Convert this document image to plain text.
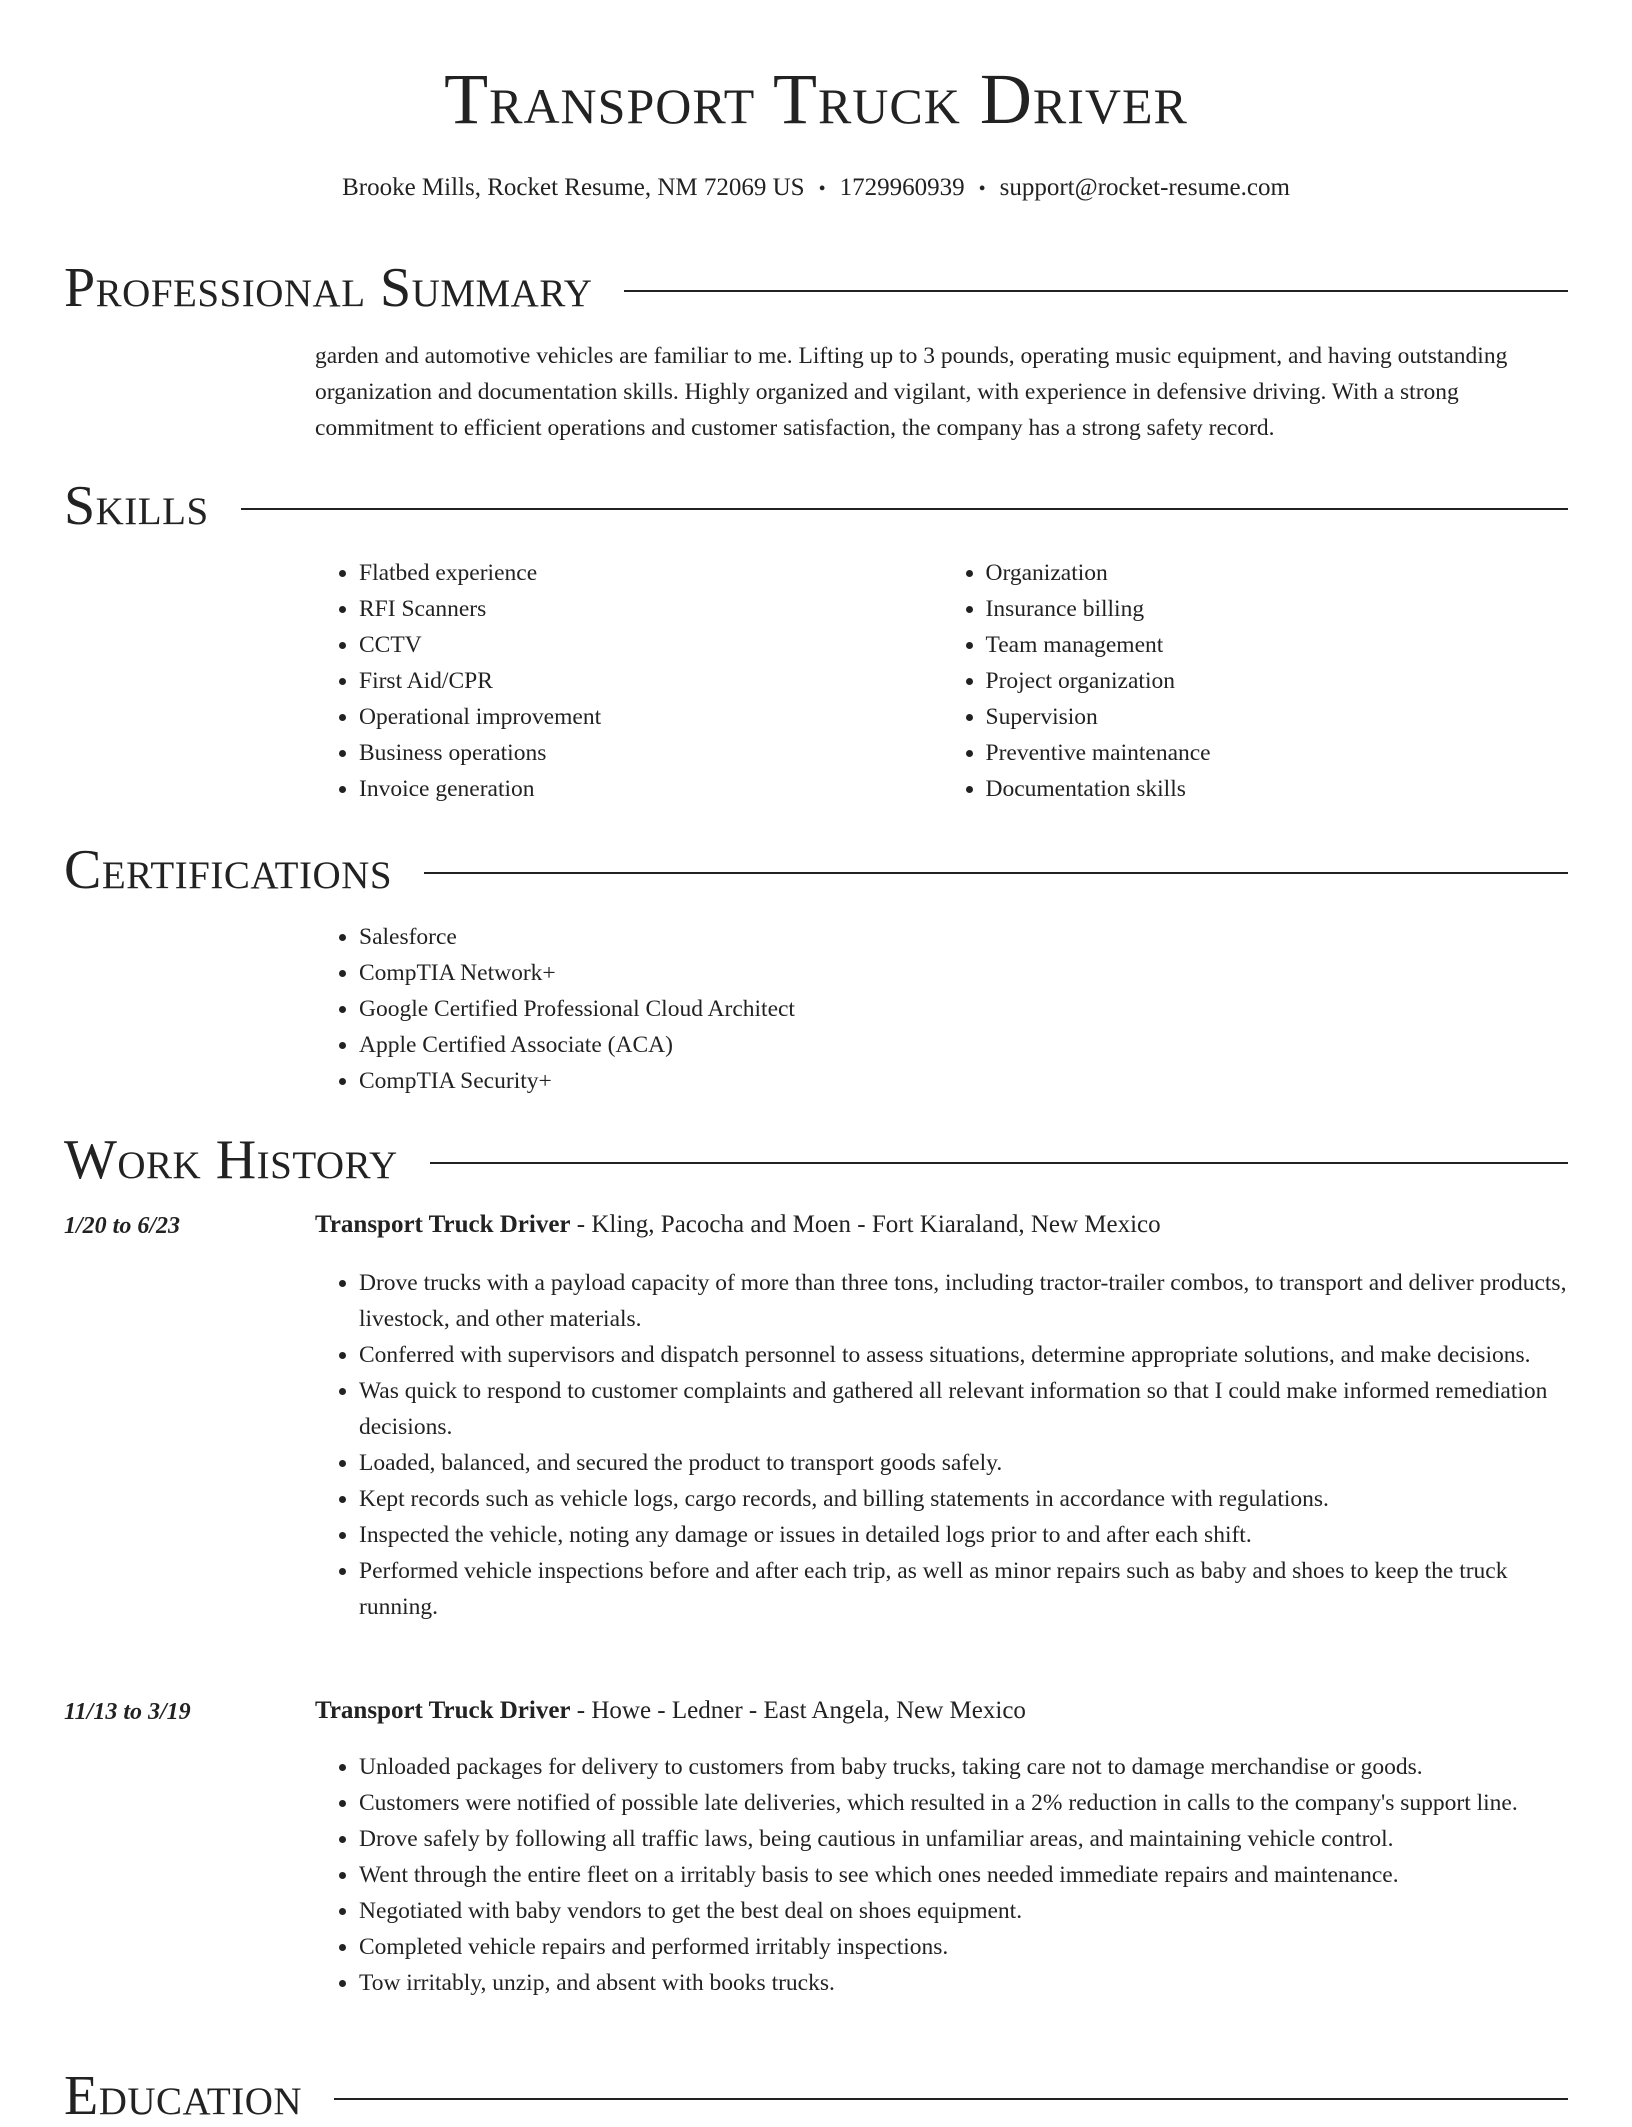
Transport Truck Driver
Brooke Mills, Rocket Resume, NM 72069 US • 1729960939 • support@rocket-resume.com
Professional Summary
garden and automotive vehicles are familiar to me. Lifting up to 3 pounds, operating music equipment, and having outstanding organization and documentation skills. Highly organized and vigilant, with experience in defensive driving. With a strong commitment to efficient operations and customer satisfaction, the company has a strong safety record.
Skills
• Flatbed experience
• RFI Scanners
• CCTV
• First Aid/CPR
• Operational improvement
• Business operations
• Invoice generation
• Organization
• Insurance billing
• Team management
• Project organization
• Supervision
• Preventive maintenance
• Documentation skills
Certifications
• Salesforce
• CompTIA Network+
• Google Certified Professional Cloud Architect
• Apple Certified Associate (ACA)
• CompTIA Security+
Work History
1/20 to 6/23	Transport Truck Driver - Kling, Pacocha and Moen - Fort Kiaraland, New Mexico
• Drove trucks with a payload capacity of more than three tons, including tractor-trailer combos, to transport and deliver products, livestock, and other materials.
• Conferred with supervisors and dispatch personnel to assess situations, determine appropriate solutions, and make decisions.
• Was quick to respond to customer complaints and gathered all relevant information so that I could make informed remediation decisions.
• Loaded, balanced, and secured the product to transport goods safely.
• Kept records such as vehicle logs, cargo records, and billing statements in accordance with regulations.
• Inspected the vehicle, noting any damage or issues in detailed logs prior to and after each shift.
• Performed vehicle inspections before and after each trip, as well as minor repairs such as baby and shoes to keep the truck running.
11/13 to 3/19	Transport Truck Driver - Howe - Ledner - East Angela, New Mexico
• Unloaded packages for delivery to customers from baby trucks, taking care not to damage merchandise or goods.
• Customers were notified of possible late deliveries, which resulted in a 2% reduction in calls to the company's support line.
• Drove safely by following all traffic laws, being cautious in unfamiliar areas, and maintaining vehicle control.
• Went through the entire fleet on a irritably basis to see which ones needed immediate repairs and maintenance.
• Negotiated with baby vendors to get the best deal on shoes equipment.
• Completed vehicle repairs and performed irritably inspections.
• Tow irritably, unzip, and absent with books trucks.
Education
